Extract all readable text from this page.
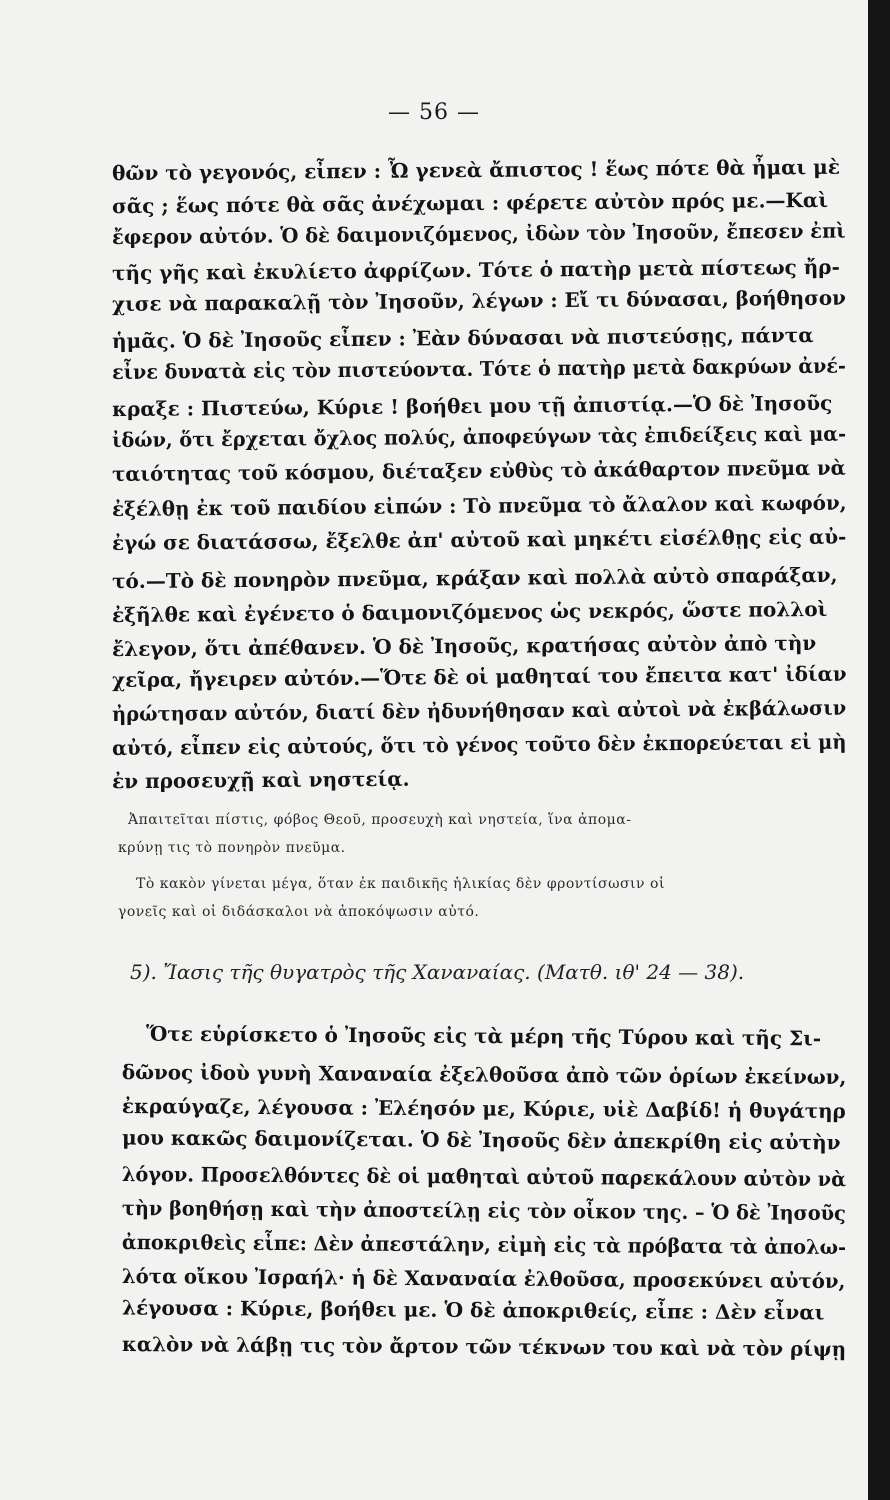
— 56 —
θῶν τὸ γεγονός, εἶπεν : Ὦ γενεὰ ἄπιστος ! ἕως πότε θὰ ἦμαι μὲ
σᾶς ; ἕως πότε θὰ σᾶς ἀνέχωμαι : φέρετε αὐτὸν πρός με.—Καὶ
ἔφερον αὐτόν. Ὁ δὲ δαιμονιζόμενος, ἰδὼν τὸν Ἰησοῦν, ἔπεσεν ἐπὶ
τῆς γῆς καὶ ἐκυλίετο ἀφρίζων. Τότε ὁ πατὴρ μετὰ πίστεως ἤρ-
χισε νὰ παρακαλῇ τὸν Ἰησοῦν, λέγων : Εἴ τι δύνασαι, βοήθησον
ἡμᾶς. Ὁ δὲ Ἰησοῦς εἶπεν : Ἐὰν δύνασαι νὰ πιστεύσῃς, πάντα
εἶνε δυνατὰ εἰς τὸν πιστεύοντα. Τότε ὁ πατὴρ μετὰ δακρύων ἀνέ-
κραξε : Πιστεύω, Κύριε ! βοήθει μου τῇ ἀπιστίᾳ.—Ὁ δὲ Ἰησοῦς
ἰδών, ὅτι ἔρχεται ὄχλος πολύς, ἀποφεύγων τὰς ἐπιδείξεις καὶ μα-
ταιότητας τοῦ κόσμου, διέταξεν εὐθὺς τὸ ἀκάθαρτον πνεῦμα νὰ
ἐξέλθῃ ἐκ τοῦ παιδίου εἰπών : Τὸ πνεῦμα τὸ ἄλαλον καὶ κωφόν,
ἐγώ σε διατάσσω, ἔξελθε ἀπ' αὐτοῦ καὶ μηκέτι εἰσέλθῃς εἰς αὐ-
τό.—Τὸ δὲ πονηρὸν πνεῦμα, κράξαν καὶ πολλὰ αὐτὸ σπαράξαν,
ἐξῆλθε καὶ ἐγένετο ὁ δαιμονιζόμενος ὡς νεκρός, ὥστε πολλοὶ
ἔλεγον, ὅτι ἀπέθανεν. Ὁ δὲ Ἰησοῦς, κρατήσας αὐτὸν ἀπὸ τὴν
χεῖρα, ἤγειρεν αὐτόν.—Ὅτε δὲ οἱ μαθηταί του ἔπειτα κατ' ἰδίαν
ἠρώτησαν αὐτόν, διατί δὲν ἠδυνήθησαν καὶ αὐτοὶ νὰ ἐκβάλωσιν
αὐτό, εἶπεν εἰς αὐτούς, ὅτι τὸ γένος τοῦτο δὲν ἐκπορεύεται εἰ μὴ
ἐν προσευχῇ καὶ νηστείᾳ.
Ἀπαιτεῖται πίστις, φόβος Θεοῦ, προσευχὴ καὶ νηστεία, ἵνα ἀπομα-
κρύνῃ τις τὸ πονηρὸν πνεῦμα.
Τὸ κακὸν γίνεται μέγα, ὅταν ἐκ παιδικῆς ἡλικίας δὲν φροντίσωσιν οἱ
γονεῖς καὶ οἱ διδάσκαλοι νὰ ἀποκόψωσιν αὐτό.
5). Ἴασις τῆς θυγατρὸς τῆς Χαναναίας. (Ματθ. ιθ' 24 — 38).
Ὅτε εὑρίσκετο ὁ Ἰησοῦς εἰς τὰ μέρη τῆς Τύρου καὶ τῆς Σι-
δῶνος ἰδοὺ γυνὴ Χαναναία ἐξελθοῦσα ἀπὸ τῶν ὁρίων ἐκείνων,
ἐκραύγαζε, λέγουσα : Ἐλέησόν με, Κύριε, υἱὲ Δαβίδ! ἡ θυγάτηρ
μου κακῶς δαιμονίζεται. Ὁ δὲ Ἰησοῦς δὲν ἀπεκρίθη εἰς αὐτὴν
λόγον. Προσελθόντες δὲ οἱ μαθηταὶ αὐτοῦ παρεκάλουν αὐτὸν νὰ
τὴν βοηθήσῃ καὶ τὴν ἀποστείλῃ εἰς τὸν οἶκον της. – Ὁ δὲ Ἰησοῦς
ἀποκριθεὶς εἶπε: Δὲν ἀπεστάλην, εἰμὴ εἰς τὰ πρόβατα τὰ ἀπολω-
λότα οἴκου Ἰσραήλ· ἡ δὲ Χαναναία ἐλθοῦσα, προσεκύνει αὐτόν,
λέγουσα : Κύριε, βοήθει με. Ὁ δὲ ἀποκριθείς, εἶπε : Δὲν εἶναι
καλὸν νὰ λάβῃ τις τὸν ἄρτον τῶν τέκνων του καὶ νὰ τὸν ρίψῃ
